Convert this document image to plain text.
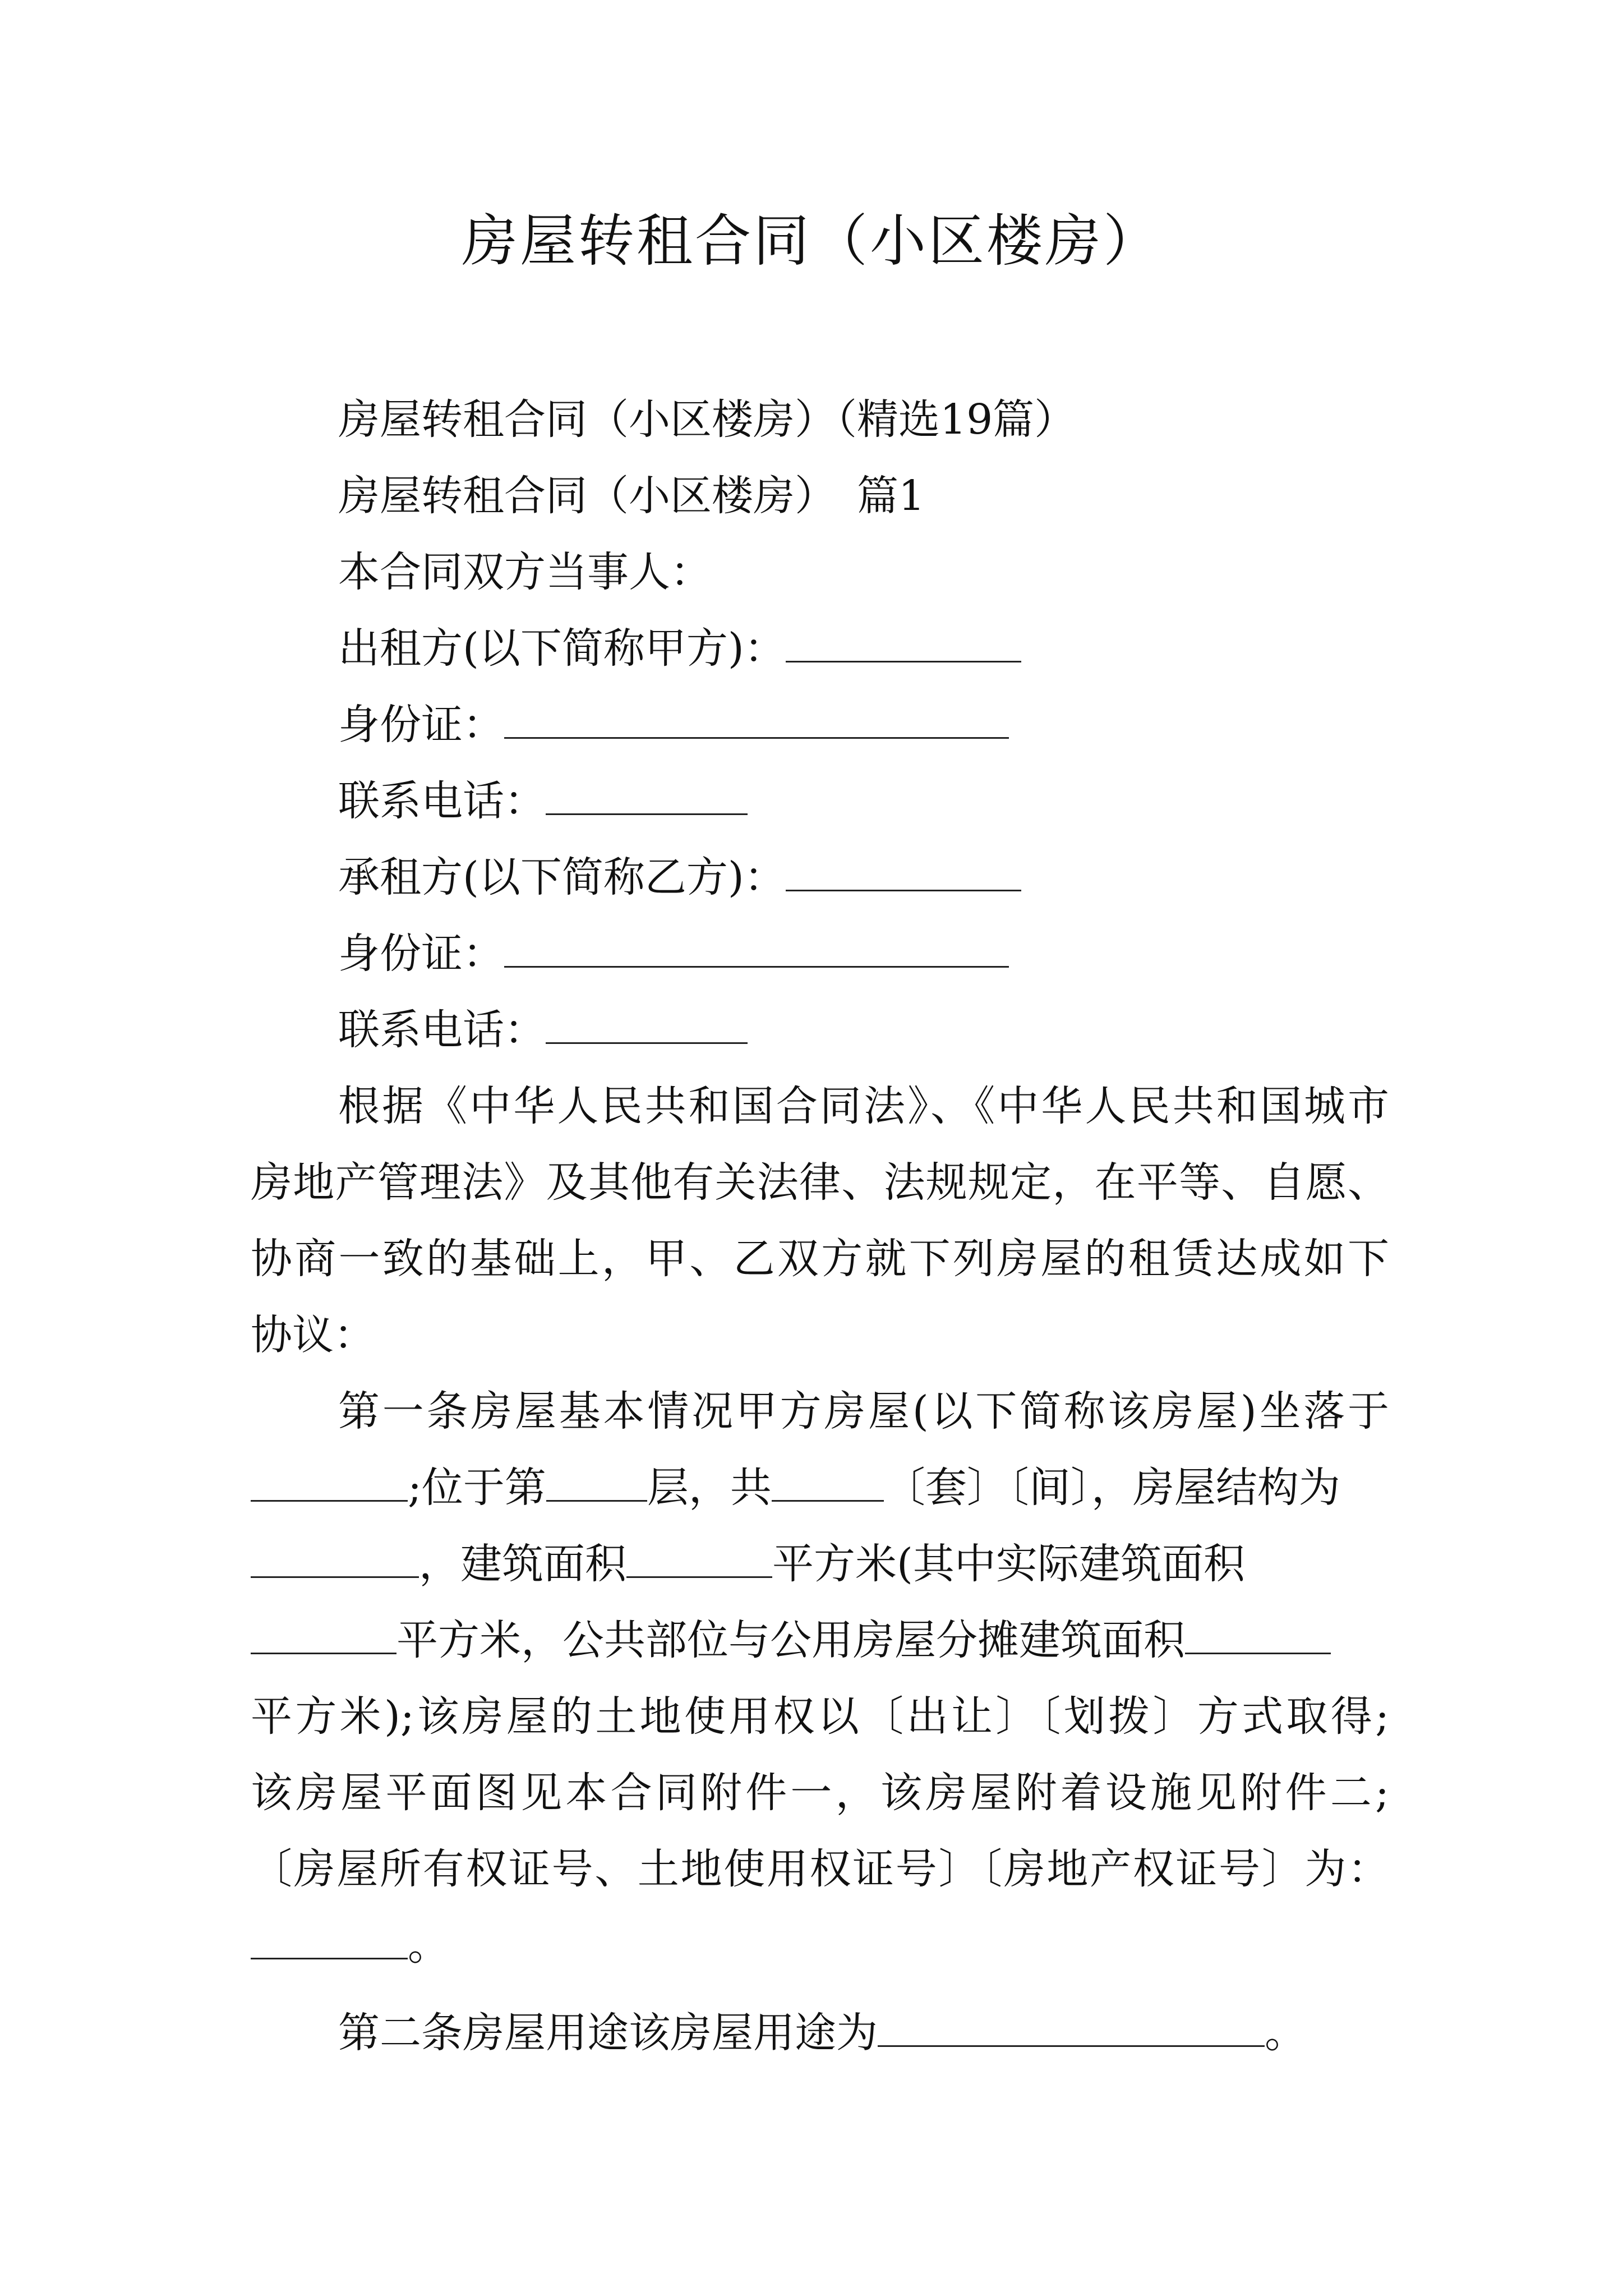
房屋转租合同（小区楼房）
房屋转租合同（小区楼房）（精选19篇）
房屋转租合同（小区楼房）　篇1
本合同双方当事人：
出租方(以下简称甲方)：
身份证：
联系电话：
承租方(以下简称乙方)：
身份证：
联系电话：
根据《中华人民共和国合同法》、《中华人民共和国城市
房地产管理法》及其他有关法律、法规规定，在平等、自愿、
协商一致的基础上，甲、乙双方就下列房屋的租赁达成如下
协议：
第一条房屋基本情况甲方房屋(以下简称该房屋)坐落于
;位于第 层，共	〔套〕〔间〕，房屋结构为
，建筑面积	平方米(其中实际建筑面积
平方米，公共部位与公用房屋分摊建筑面积
平方米);该房屋的土地使用权以〔出让〕〔划拨〕方式取得;
该房屋平面图见本合同附件一，该房屋附着设施见附件二;
〔房屋所有权证号、土地使用权证号〕〔房地产权证号〕为：
。
第二条房屋用途该房屋用途为	。
